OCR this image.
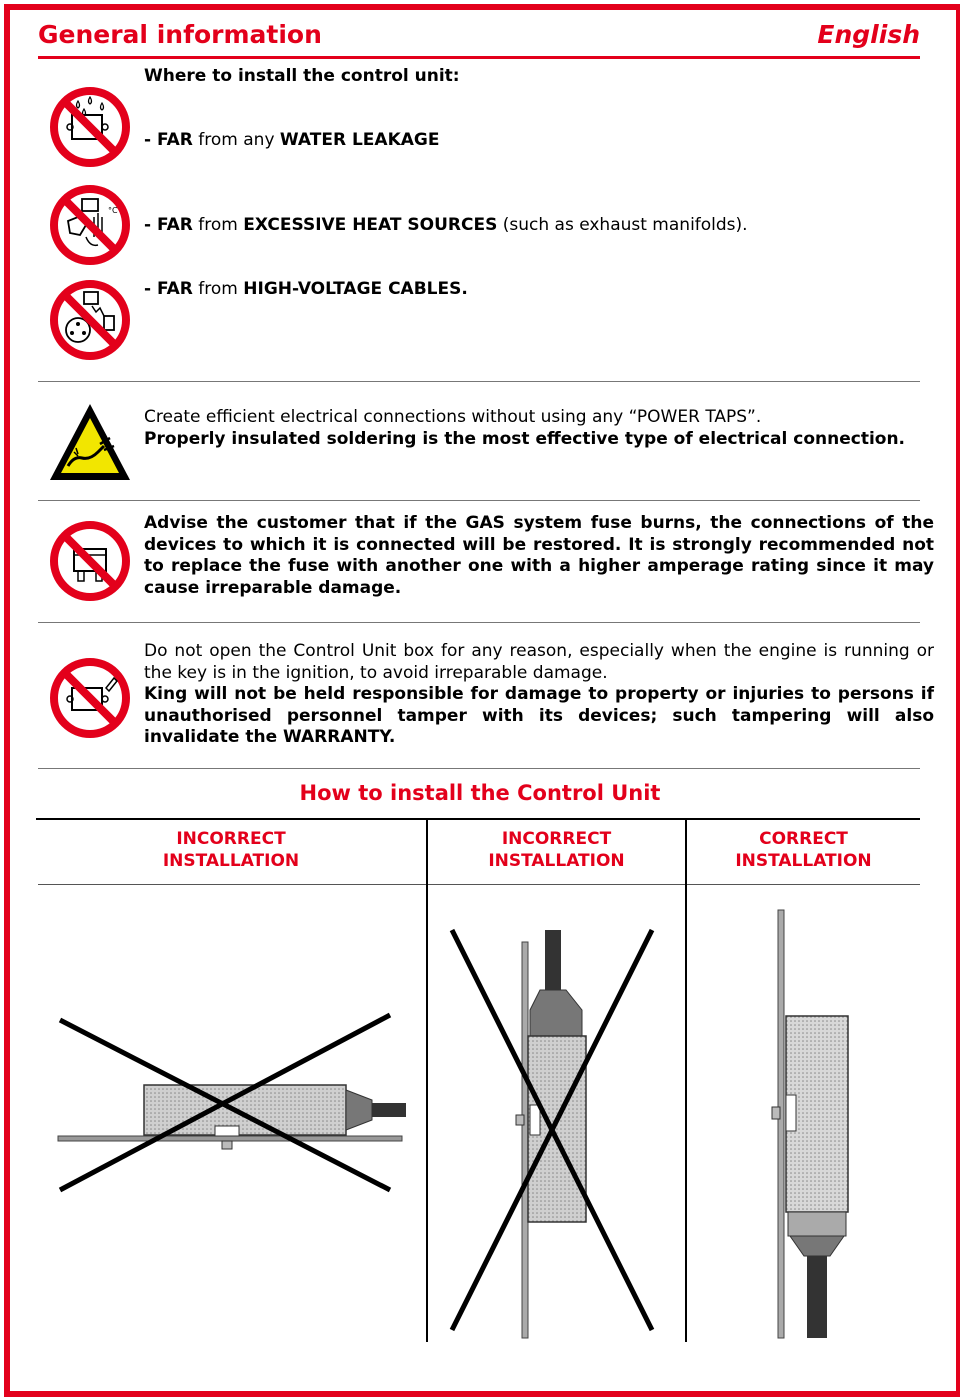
General information	English
°C
Where to install the control unit:
- FAR from any WATER LEAKAGE
- FAR from EXCESSIVE HEAT SOURCES (such as exhaust manifolds).
- FAR from HIGH-VOLTAGE CABLES.
Create efficient electrical connections without using any “POWER TAPS”.
Properly insulated soldering is the most effective type of electrical connection.
Advise the customer that if the GAS system fuse burns, the connections of the devices to which it is connected will be restored. It is strongly recommended not to replace the fuse with another one with a higher amperage rating since it may cause irreparable damage.
Do not open the Control Unit box for any reason, especially when the engine is running or the key is in the ignition, to avoid irreparable damage.
King will not be held responsible for damage to property or injuries to persons if unauthorised personnel tamper with its devices; such tampering will also invalidate the WARRANTY.
How to install the Control Unit
INCORRECT
INSTALLATION
INCORRECT
INSTALLATION
CORRECT
INSTALLATION
